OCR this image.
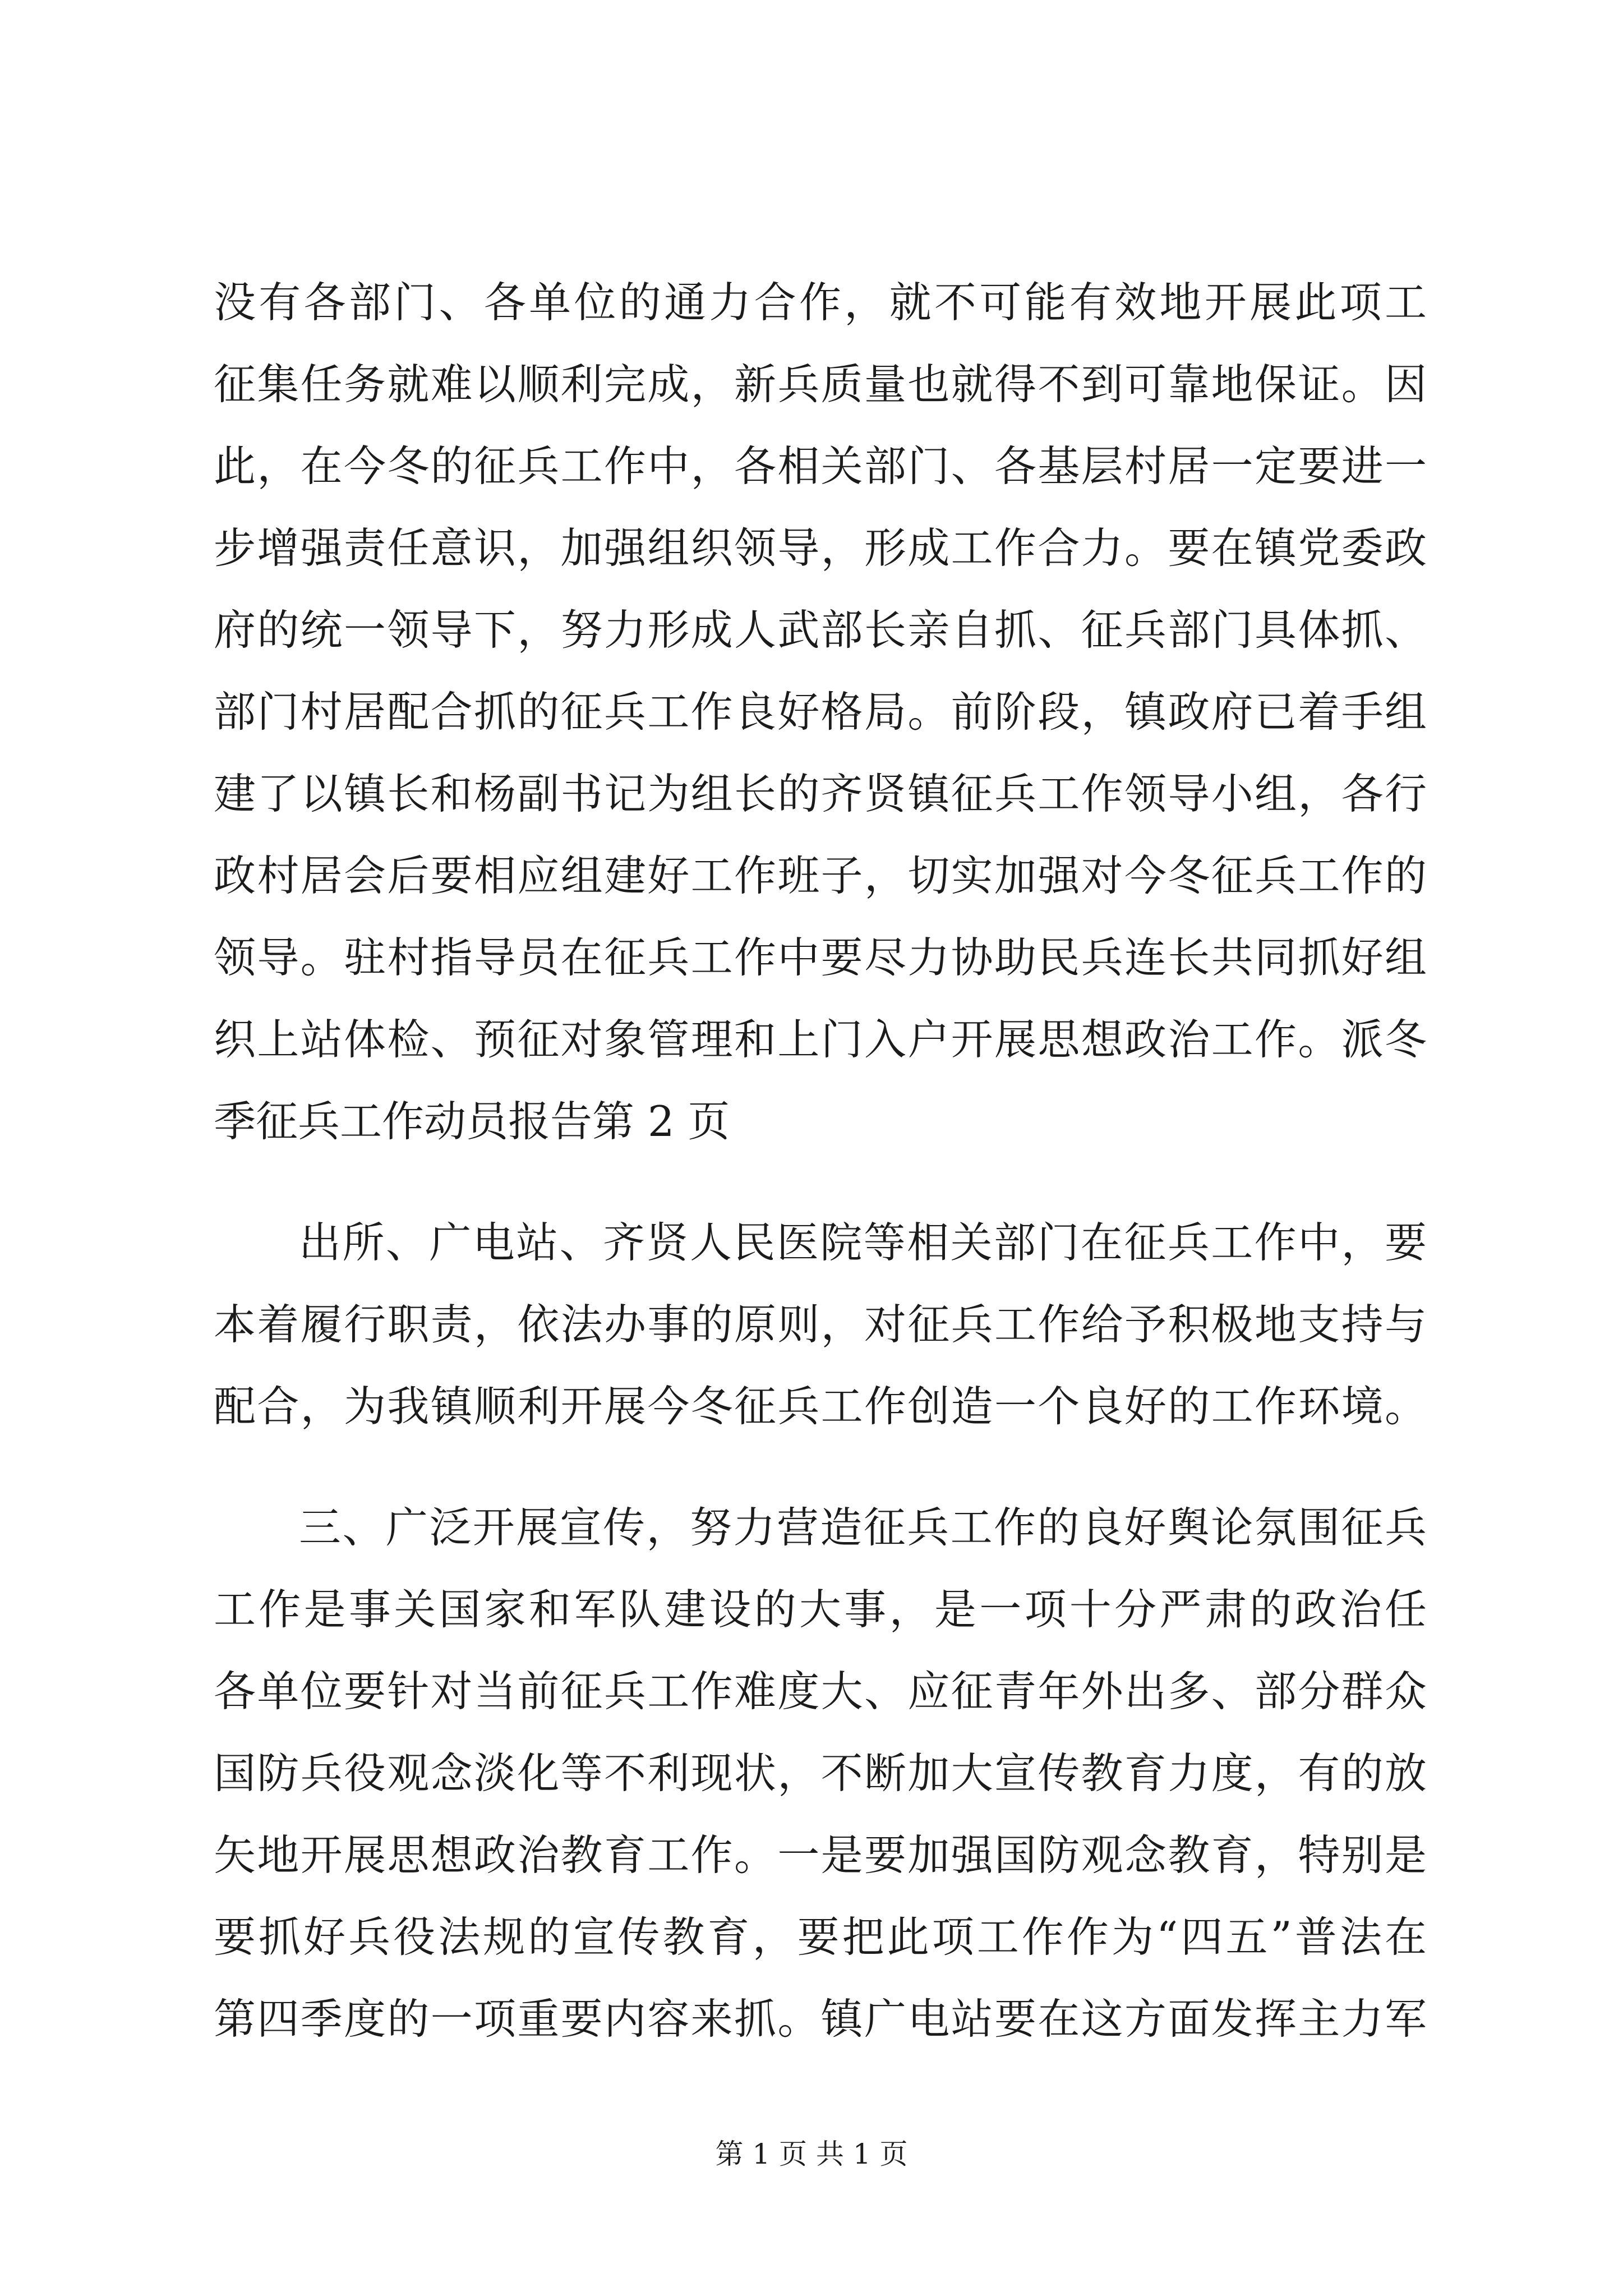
没有各部门、各单位的通力合作，就不可能有效地开展此项工
征集任务就难以顺利完成，新兵质量也就得不到可靠地保证。因
此，在今冬的征兵工作中，各相关部门、各基层村居一定要进一
步增强责任意识，加强组织领导，形成工作合力。要在镇党委政
府的统一领导下，努力形成人武部长亲自抓、征兵部门具体抓、
部门村居配合抓的征兵工作良好格局。前阶段，镇政府已着手组
建了以镇长和杨副书记为组长的齐贤镇征兵工作领导小组，各行
政村居会后要相应组建好工作班子，切实加强对今冬征兵工作的
领导。驻村指导员在征兵工作中要尽力协助民兵连长共同抓好组
织上站体检、预征对象管理和上门入户开展思想政治工作。派冬
季征兵工作动员报告第 2 页
出所、广电站、齐贤人民医院等相关部门在征兵工作中，要
本着履行职责，依法办事的原则，对征兵工作给予积极地支持与
配合，为我镇顺利开展今冬征兵工作创造一个良好的工作环境。
三、广泛开展宣传，努力营造征兵工作的良好舆论氛围征兵
工作是事关国家和军队建设的大事，是一项十分严肃的政治任
各单位要针对当前征兵工作难度大、应征青年外出多、部分群众
国防兵役观念淡化等不利现状，不断加大宣传教育力度，有的放
矢地开展思想政治教育工作。一是要加强国防观念教育，特别是
要抓好兵役法规的宣传教育，要把此项工作作为“四五”普法在
第四季度的一项重要内容来抓。镇广电站要在这方面发挥主力军
第 1 页 共 1 页
